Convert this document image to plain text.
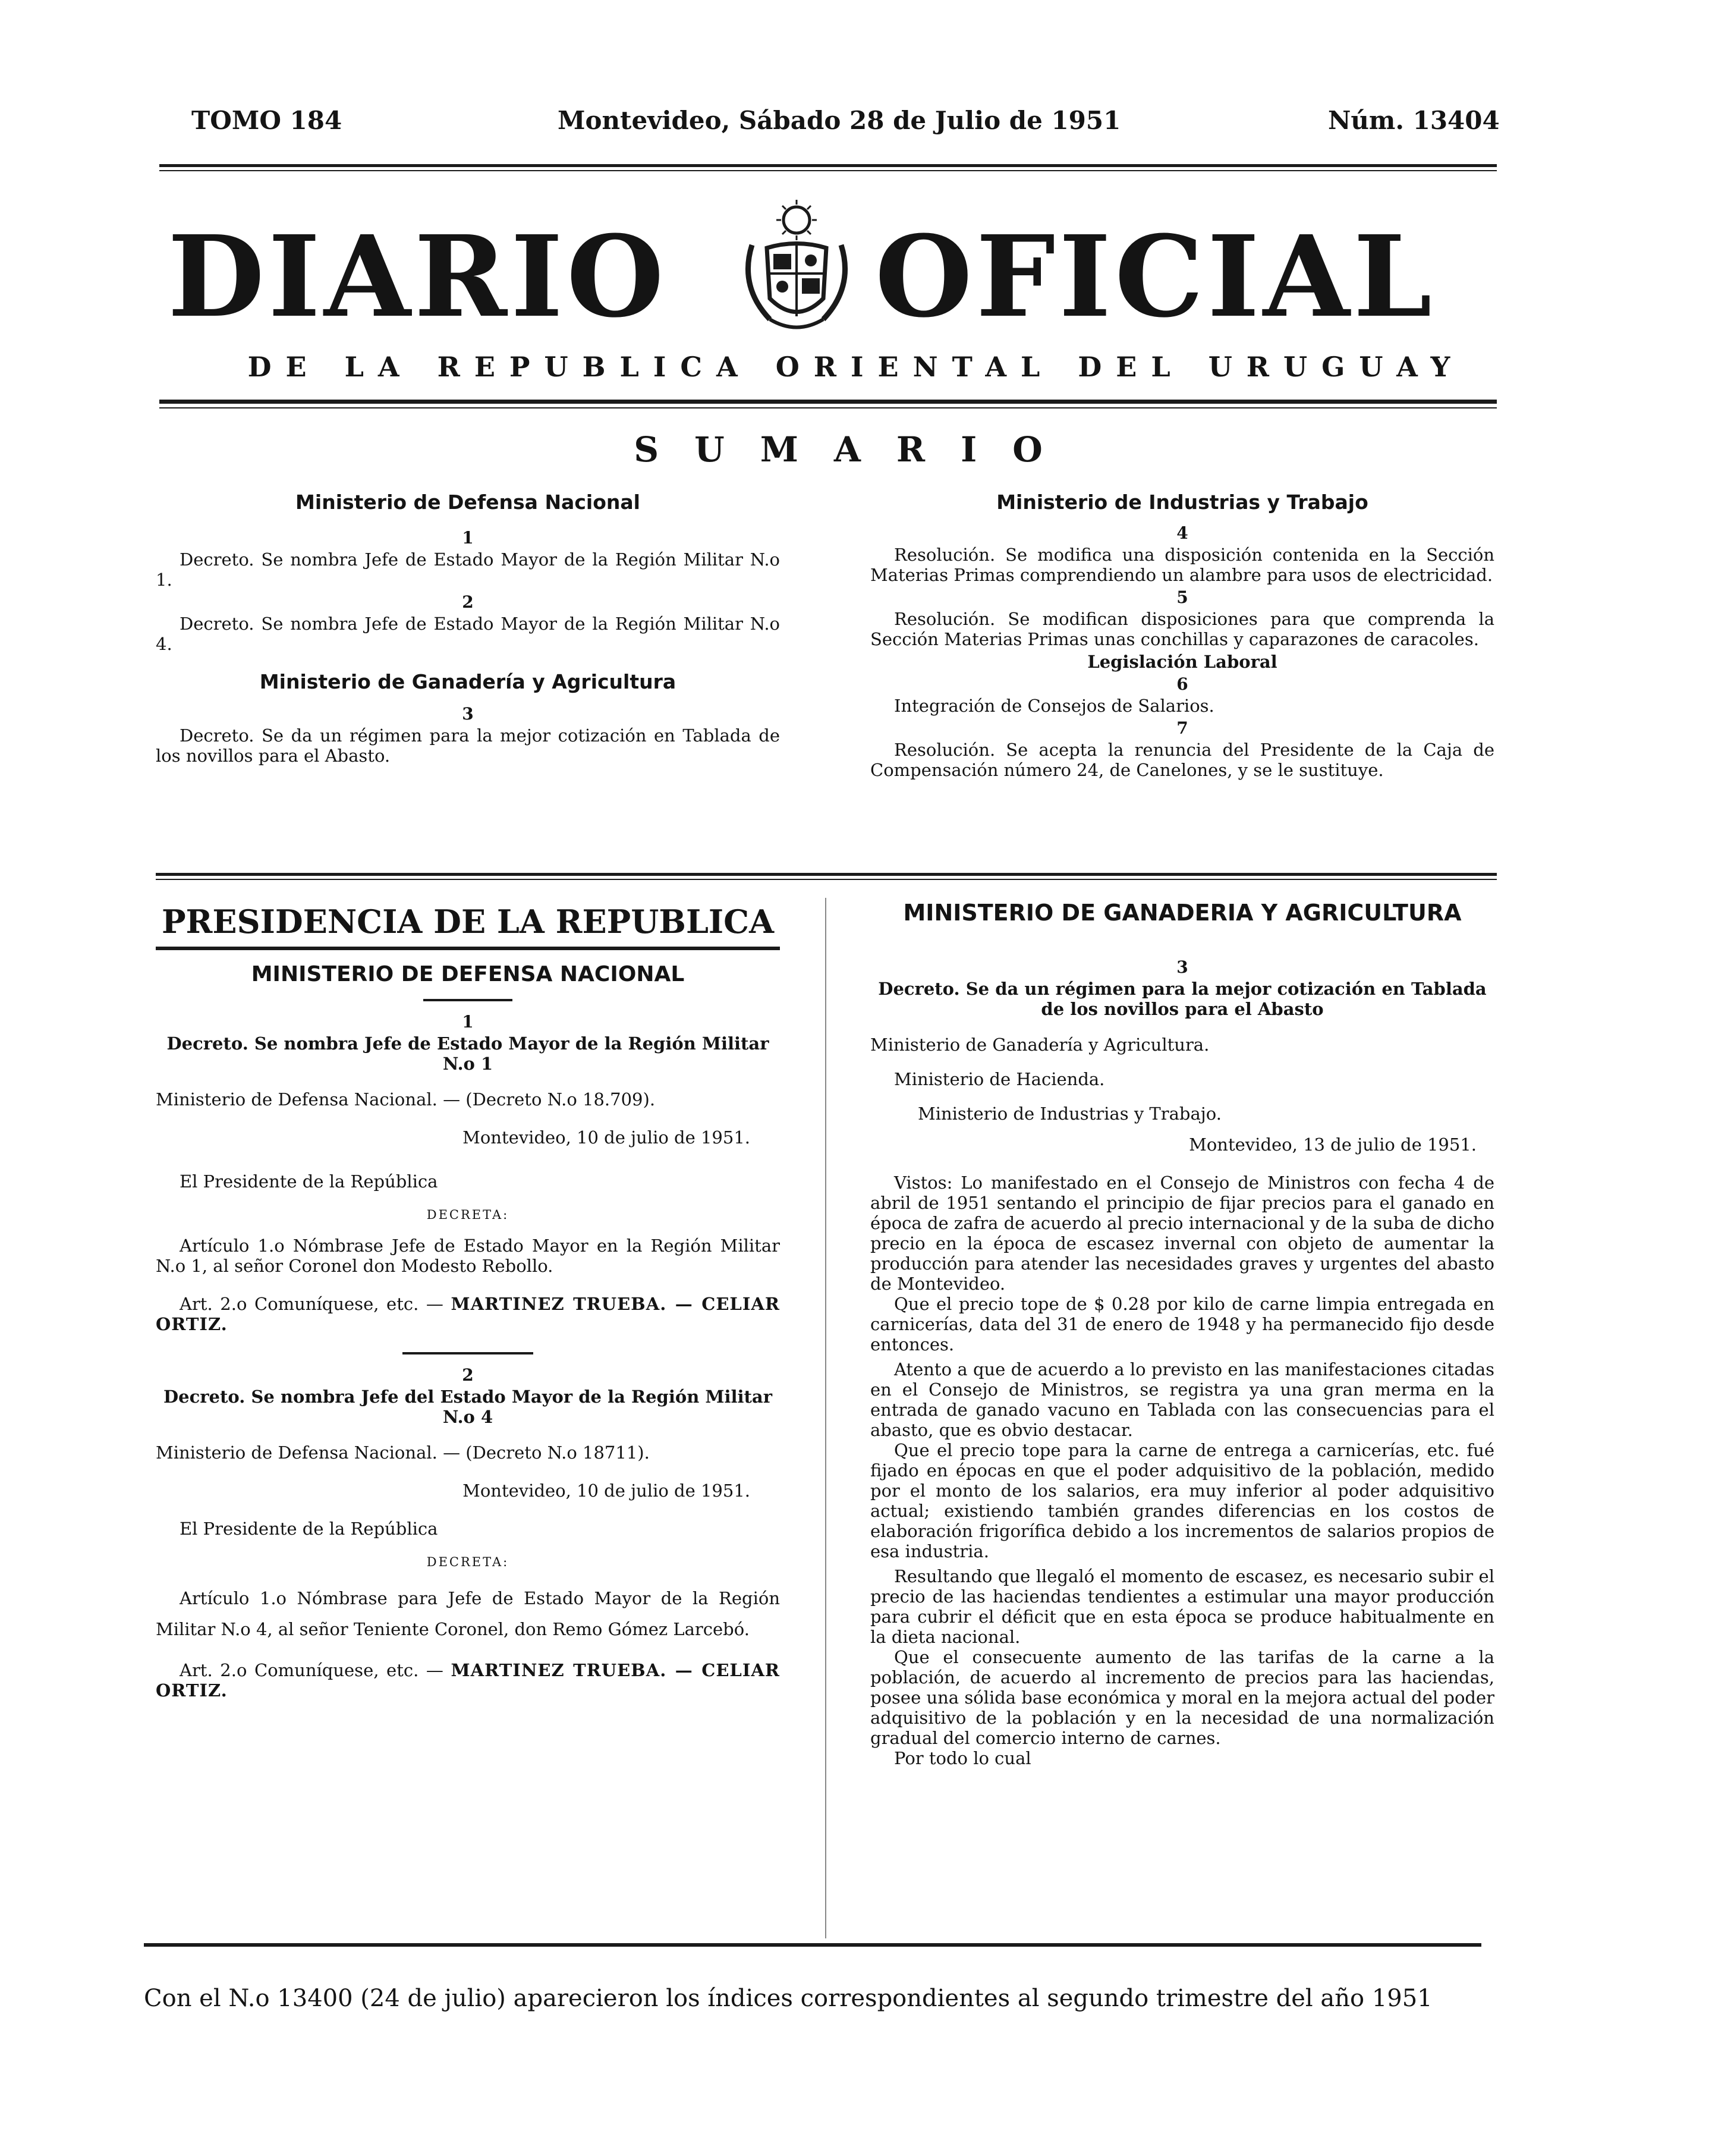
TOMO 184	Montevideo, Sábado 28 de Julio de 1951	Núm. 13404
DIARIO OFICIAL
DE LA REPUBLICA ORIENTAL DEL URUGUAY
SUMARIO

Ministerio de Defensa Nacional

1

Decreto. Se nombra Jefe de Estado Mayor de la Región Militar N.o 1.

2

Decreto. Se nombra Jefe de Estado Mayor de la Región Militar N.o 4.

Ministerio de Ganadería y Agricultura

3

Decreto. Se da un régimen para la mejor cotización en Tablada de los novillos para el Abasto.

Ministerio de Industrias y Trabajo

4

Resolución. Se modifica una disposición contenida en la Sección Materias Primas comprendiendo un alambre para usos de electricidad.

5

Resolución. Se modifican disposiciones para que comprenda la Sección Materias Primas unas conchillas y caparazones de caracoles.

Legislación Laboral

6

Integración de Consejos de Salarios.

7

Resolución. Se acepta la renuncia del Presidente de la Caja de Compensación número 24, de Canelones, y se le sustituye.

PRESIDENCIA DE LA REPUBLICA

MINISTERIO DE DEFENSA NACIONAL

1

Decreto. Se nombra Jefe de Estado Mayor de la Región Militar N.o 1

Ministerio de Defensa Nacional. — (Decreto N.o 18.709).

Montevideo, 10 de julio de 1951.

El Presidente de la República

DECRETA:

Artículo 1.o Nómbrase Jefe de Estado Mayor en la Región Militar N.o 1, al señor Coronel don Modesto Rebollo.

Art. 2.o Comuníquese, etc. — MARTINEZ TRUEBA. — CELIAR ORTIZ.

2

Decreto. Se nombra Jefe del Estado Mayor de la Región Militar N.o 4

Ministerio de Defensa Nacional. — (Decreto N.o 18711).

Montevideo, 10 de julio de 1951.

El Presidente de la República

DECRETA:

Artículo 1.o Nómbrase para Jefe de Estado Mayor de la Región Militar N.o 4, al señor Teniente Coronel, don Remo Gómez Larcebó.

Art. 2.o Comuníquese, etc. — MARTINEZ TRUEBA. — CELIAR ORTIZ.

MINISTERIO DE GANADERIA Y AGRICULTURA

3

Decreto. Se da un régimen para la mejor cotización en Tablada de los novillos para el Abasto

Ministerio de Ganadería y Agricultura.

Ministerio de Hacienda.

Ministerio de Industrias y Trabajo.

Montevideo, 13 de julio de 1951.

Vistos: Lo manifestado en el Consejo de Ministros con fecha 4 de abril de 1951 sentando el principio de fijar precios para el ganado en época de zafra de acuerdo al precio internacional y de la suba de dicho precio en la época de escasez invernal con objeto de aumentar la producción para atender las necesidades graves y urgentes del abasto de Montevideo.

Que el precio tope de $ 0.28 por kilo de carne limpia entregada en carnicerías, data del 31 de enero de 1948 y ha permanecido fijo desde entonces.

Atento a que de acuerdo a lo previsto en las manifestaciones citadas en el Consejo de Ministros, se registra ya una gran merma en la entrada de ganado vacuno en Tablada con las consecuencias para el abasto, que es obvio destacar.

Que el precio tope para la carne de entrega a carnicerías, etc. fué fijado en épocas en que el poder adquisitivo de la población, medido por el monto de los salarios, era muy inferior al poder adquisitivo actual; existiendo también grandes diferencias en los costos de elaboración frigorífica debido a los incrementos de salarios propios de esa industria.

Resultando que llegaló el momento de escasez, es necesario subir el precio de las haciendas tendientes a estimular una mayor producción para cubrir el déficit que en esta época se produce habitualmente en la dieta nacional.

Que el consecuente aumento de las tarifas de la carne a la población, de acuerdo al incremento de precios para las haciendas, posee una sólida base económica y moral en la mejora actual del poder adquisitivo de la población y en la necesidad de una normalización gradual del comercio interno de carnes.

Por todo lo cual

Con el N.o 13400 (24 de julio) aparecieron los índices correspondientes al segundo trimestre del año 1951
